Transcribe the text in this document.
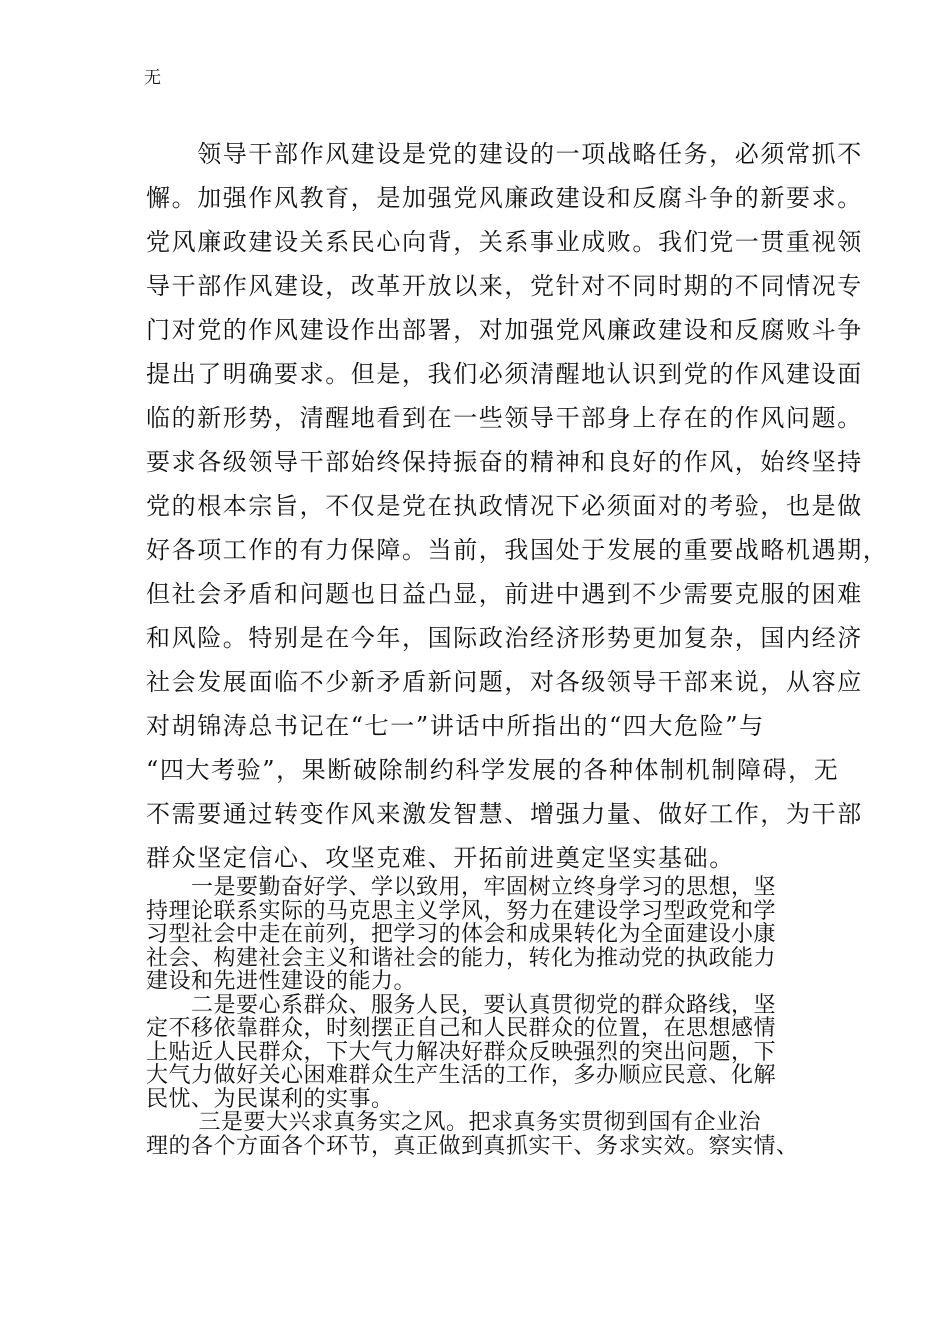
无
　　领导干部作风建设是党的建设的一项战略任务，必须常抓不
懈。加强作风教育，是加强党风廉政建设和反腐斗争的新要求。
党风廉政建设关系民心向背，关系事业成败。我们党一贯重视领
导干部作风建设，改革开放以来，党针对不同时期的不同情况专
门对党的作风建设作出部署，对加强党风廉政建设和反腐败斗争
提出了明确要求。但是，我们必须清醒地认识到党的作风建设面
临的新形势，清醒地看到在一些领导干部身上存在的作风问题。
要求各级领导干部始终保持振奋的精神和良好的作风，始终坚持
党的根本宗旨，不仅是党在执政情况下必须面对的考验，也是做
好各项工作的有力保障。当前，我国处于发展的重要战略机遇期，
但社会矛盾和问题也日益凸显，前进中遇到不少需要克服的困难
和风险。特别是在今年，国际政治经济形势更加复杂，国内经济
社会发展面临不少新矛盾新问题，对各级领导干部来说，从容应
对胡锦涛总书记在“七一”讲话中所指出的“四大危险”与
“四大考验”，果断破除制约科学发展的各种体制机制障碍，无
不需要通过转变作风来激发智慧、增强力量、做好工作，为干部
群众坚定信心、攻坚克难、开拓前进奠定坚实基础。
　　一是要勤奋好学、学以致用，牢固树立终身学习的思想，坚
持理论联系实际的马克思主义学风，努力在建设学习型政党和学
习型社会中走在前列，把学习的体会和成果转化为全面建设小康
社会、构建社会主义和谐社会的能力，转化为推动党的执政能力
建设和先进性建设的能力。
　　二是要心系群众、服务人民，要认真贯彻党的群众路线，坚
定不移依靠群众，时刻摆正自己和人民群众的位置，在思想感情
上贴近人民群众，下大气力解决好群众反映强烈的突出问题，下
大气力做好关心困难群众生产生活的工作，多办顺应民意、化解
民忧、为民谋利的实事。
　　 三是要大兴求真务实之风。把求真务实贯彻到国有企业治
理的各个方面各个环节，真正做到真抓实干、务求实效。察实情、
